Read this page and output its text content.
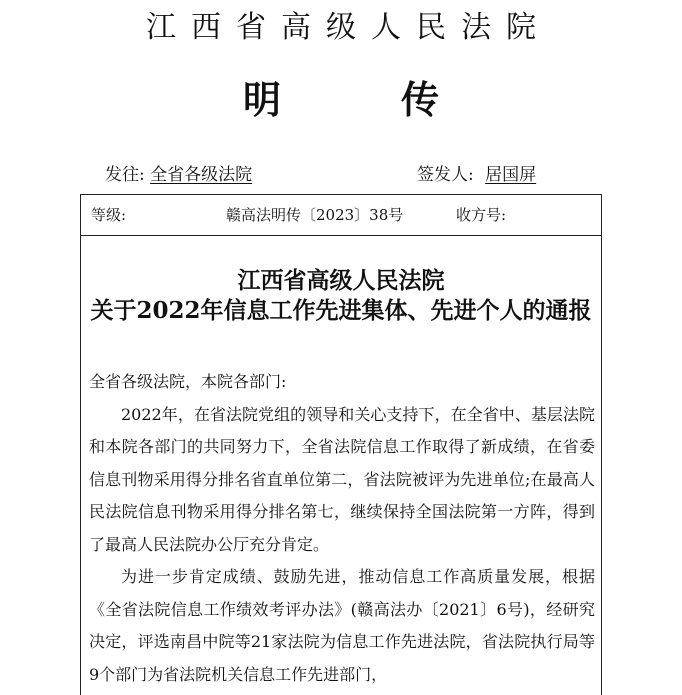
江西省高级人民法院
明	传
发往: 全省各级法院	签发人: 居国屏
等级:	赣高法明传〔2023〕38号	收方号:
江西省高级人民法院
关于2022年信息工作先进集体、先进个人的通报

全省各级法院，本院各部门:

2022年，在省法院党组的领导和关心支持下，在全省中、基层法院和本院各部门的共同努力下，全省法院信息工作取得了新成绩，在省委信息刊物采用得分排名省直单位第二，省法院被评为先进单位;在最高人民法院信息刊物采用得分排名第七，继续保持全国法院第一方阵，得到了最高人民法院办公厅充分肯定。

为进一步肯定成绩、鼓励先进，推动信息工作高质量发展，根据《全省法院信息工作绩效考评办法》(赣高法办〔2021〕6号)，经研究决定，评选南昌中院等21家法院为信息工作先进法院，省法院执行局等9个部门为省法院机关信息工作先进部门，
